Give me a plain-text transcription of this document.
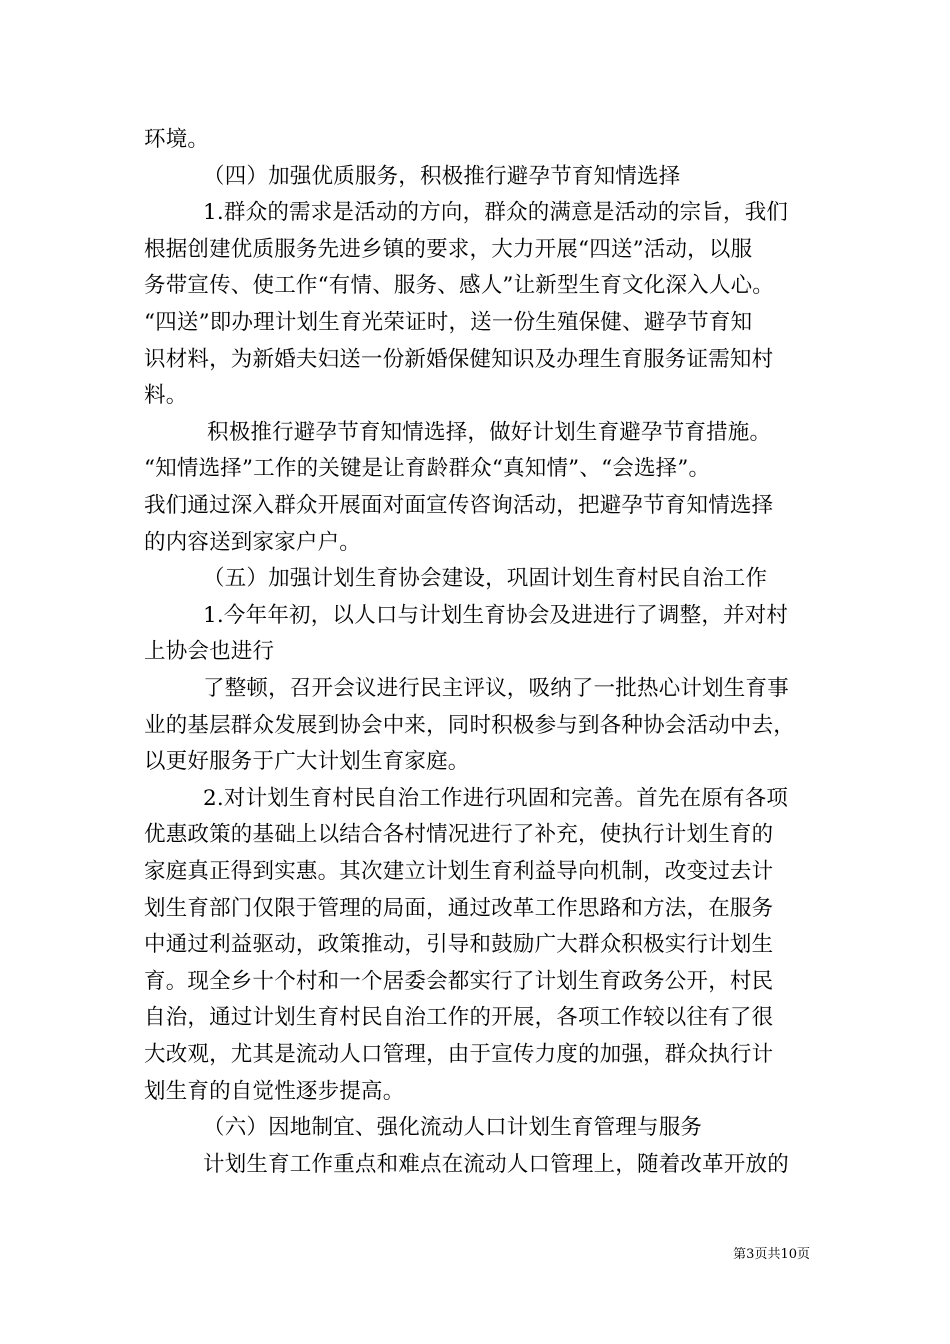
环境。
（四）加强优质服务，积极推行避孕节育知情选择
1.群众的需求是活动的方向，群众的满意是活动的宗旨，我们
根据创建优质服务先进乡镇的要求，大力开展“四送”活动，以服
务带宣传、使工作“有情、服务、感人”让新型生育文化深入人心。
“四送”即办理计划生育光荣证时，送一份生殖保健、避孕节育知
识材料，为新婚夫妇送一份新婚保健知识及办理生育服务证需知村
料。
积极推行避孕节育知情选择，做好计划生育避孕节育措施。
“知情选择”工作的关键是让育龄群众“真知情”、“会选择”。
我们通过深入群众开展面对面宣传咨询活动，把避孕节育知情选择
的内容送到家家户户。
（五）加强计划生育协会建设，巩固计划生育村民自治工作
1.今年年初，以人口与计划生育协会及进进行了调整，并对村
上协会也进行
了整顿，召开会议进行民主评议，吸纳了一批热心计划生育事
业的基层群众发展到协会中来，同时积极参与到各种协会活动中去，
以更好服务于广大计划生育家庭。
2.对计划生育村民自治工作进行巩固和完善。首先在原有各项
优惠政策的基础上以结合各村情况进行了补充，使执行计划生育的
家庭真正得到实惠。其次建立计划生育利益导向机制，改变过去计
划生育部门仅限于管理的局面，通过改革工作思路和方法，在服务
中通过利益驱动，政策推动，引导和鼓励广大群众积极实行计划生
育。现全乡十个村和一个居委会都实行了计划生育政务公开，村民
自治，通过计划生育村民自治工作的开展，各项工作较以往有了很
大改观，尤其是流动人口管理，由于宣传力度的加强，群众执行计
划生育的自觉性逐步提高。
（六）因地制宜、强化流动人口计划生育管理与服务
计划生育工作重点和难点在流动人口管理上，随着改革开放的
第3页共10页
